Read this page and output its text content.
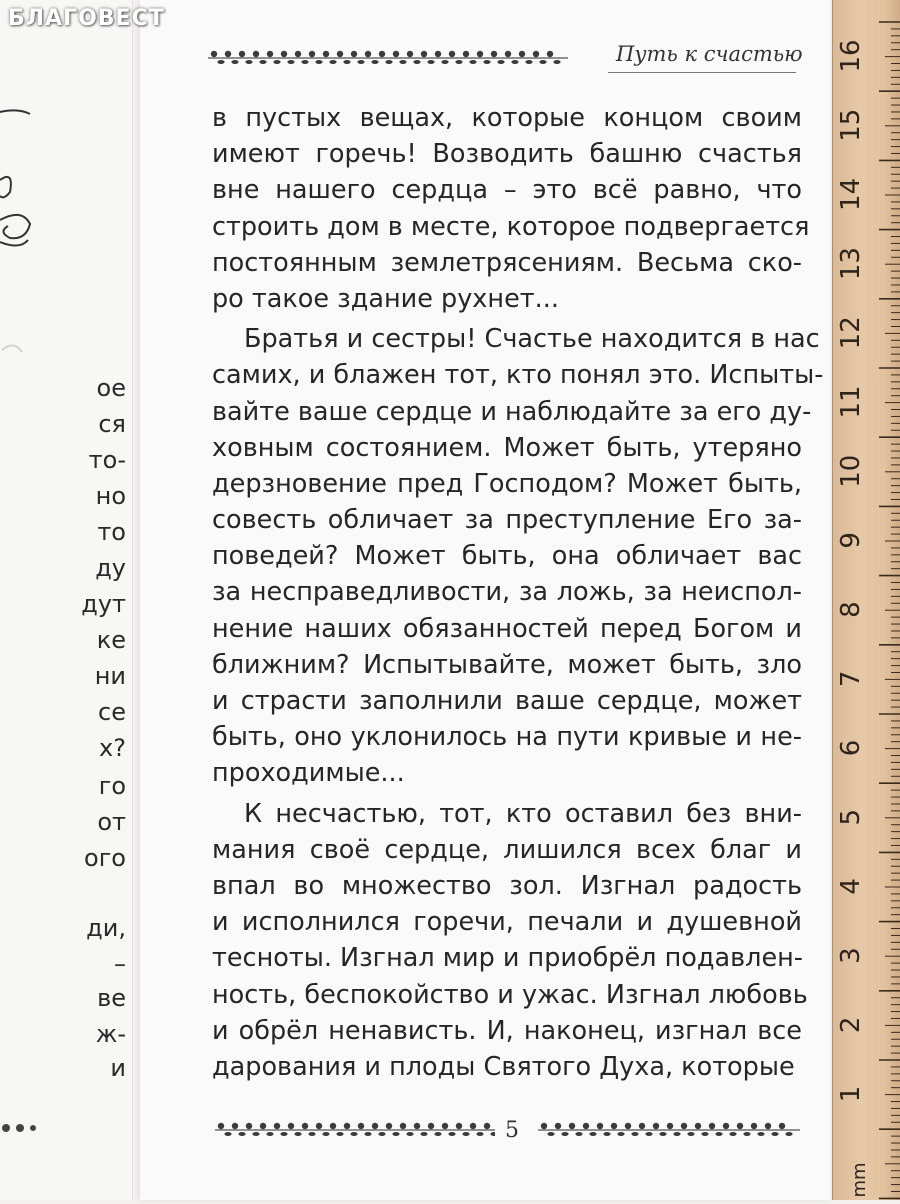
ое
ся
то-
но
то
ду
дут
ке
ни
се
х?
го
от
ого
ди,
–
ве
ж-
и
БЛАГОВЕСТ
Путь к счастью
в пустых вещах, которые концом своим
имеют горечь! Возводить башню счастья
вне нашего сердца – это всё равно, что
строить дом в месте, которое подвергается
постоянным землетрясениям. Весьма ско-
ро такое здание рухнет...
Братья и сестры! Счастье находится в нас
самих, и блажен тот, кто понял это. Испыты-
вайте ваше сердце и наблюдайте за его ду-
ховным состоянием. Может быть, утеряно
дерзновение пред Господом? Может быть,
совесть обличает за преступление Его за-
поведей? Может быть, она обличает вас
за несправедливости, за ложь, за неиспол-
нение наших обязанностей перед Богом и
ближним? Испытывайте, может быть, зло
и страсти заполнили ваше сердце, может
быть, оно уклонилось на пути кривые и не-
проходимые...
К несчастью, тот, кто оставил без вни-
мания своё сердце, лишился всех благ и
впал во множество зол. Изгнал радость
и исполнился горечи, печали и душевной
тесноты. Изгнал мир и приобрёл подавлен-
ность, беспокойство и ужас. Изгнал любовь
и обрёл ненависть. И, наконец, изгнал все
дарования и плоды Святого Духа, которые
5
16
15
14
13
12
11
10
9
8
7
6
5
4
3
2
1
mm
